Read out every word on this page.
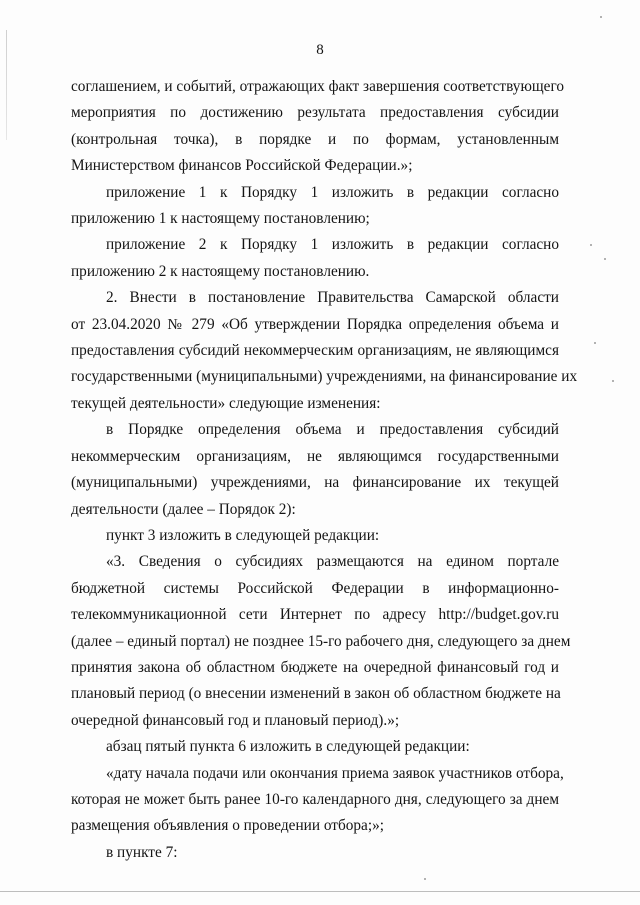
8
соглашением, и событий, отражающих факт завершения соответствующего
мероприятия по достижению результата предоставления субсидии
(контрольная точка), в порядке и по формам, установленным
Министерством финансов Российской Федерации.»;
приложение 1 к Порядку 1 изложить в редакции согласно
приложению 1 к настоящему постановлению;
приложение 2 к Порядку 1 изложить в редакции согласно
приложению 2 к настоящему постановлению.
2. Внести в постановление Правительства Самарской области
от 23.04.2020 № 279 «Об утверждении Порядка определения объема и
предоставления субсидий некоммерческим организациям, не являющимся
государственными (муниципальными) учреждениями, на финансирование их
текущей деятельности» следующие изменения:
в Порядке определения объема и предоставления субсидий
некоммерческим организациям, не являющимся государственными
(муниципальными) учреждениями, на финансирование их текущей
деятельности (далее – Порядок 2):
пункт 3 изложить в следующей редакции:
«3. Сведения о субсидиях размещаются на едином портале
бюджетной системы Российской Федерации в информационно-
телекоммуникационной сети Интернет по адресу http://budget.gov.ru
(далее – единый портал) не позднее 15-го рабочего дня, следующего за днем
принятия закона об областном бюджете на очередной финансовый год и
плановый период (о внесении изменений в закон об областном бюджете на
очередной финансовый год и плановый период).»;
абзац пятый пункта 6 изложить в следующей редакции:
«дату начала подачи или окончания приема заявок участников отбора,
которая не может быть ранее 10-го календарного дня, следующего за днем
размещения объявления о проведении отбора;»;
в пункте 7:
